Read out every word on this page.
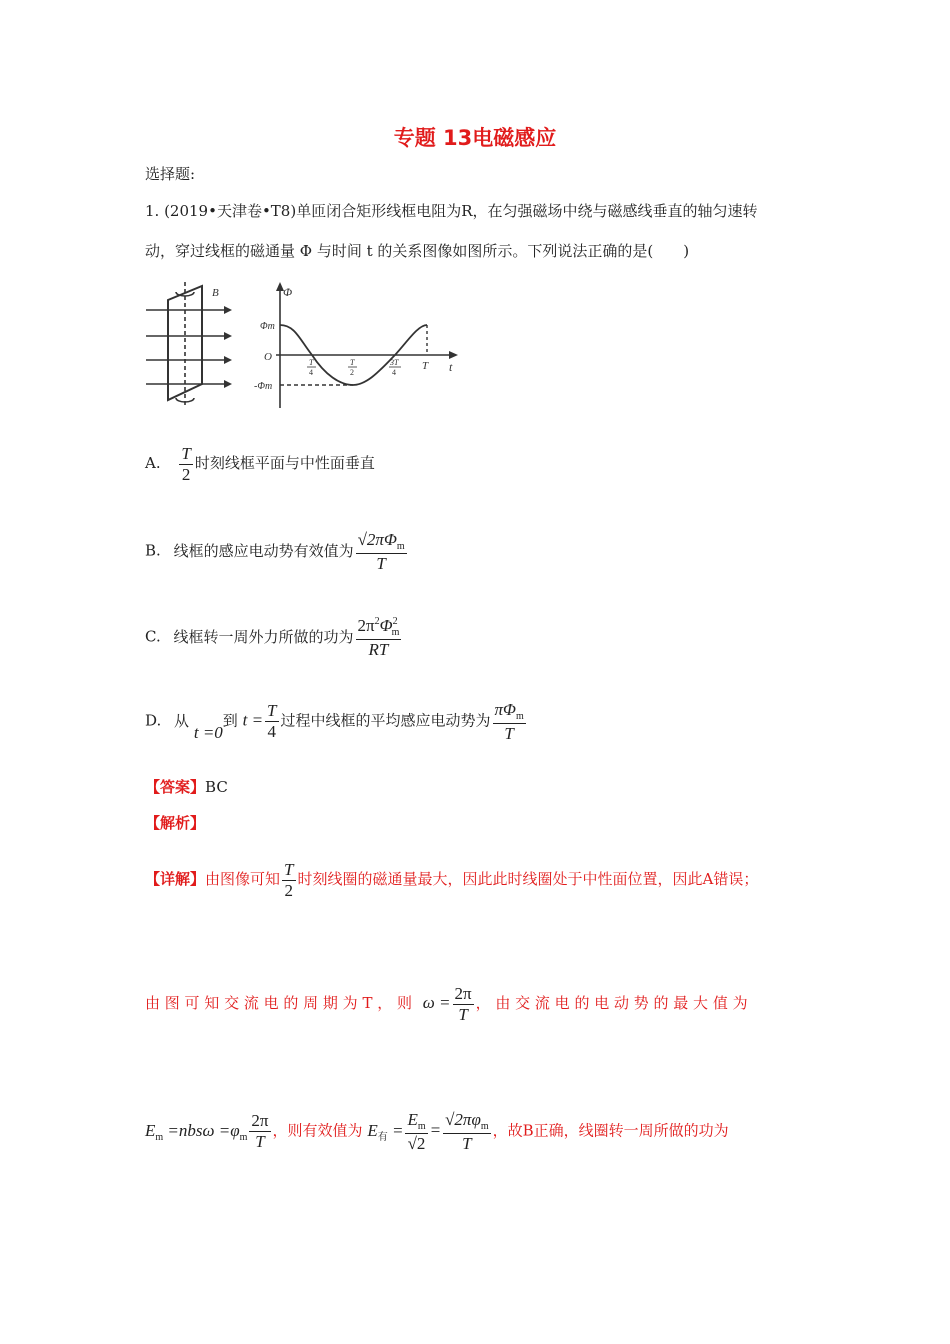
专题 13电磁感应
选择题:
1. (2019•天津卷•T8)单匝闭合矩形线框电阻为R，在匀强磁场中绕与磁感线垂直的轴匀速转
动，穿过线框的磁通量 Φ 与时间 t 的关系图像如图所示。下列说法正确的是(　　)
B	Φ
t
O
Φm
-Φm
T
4
T
2
3T
4
T
A. $\frac{T}{2}$ 时刻线框平面与中性面垂直
B. 线框的感应电动势有效值为 $\frac{√2\pi\Phi_m}{T}$
C. 线框转一周外力所做的功为 $\frac{2\pi^2\Phi^2_m}{RT}$
D. 从 t =0到 $t = \frac{T}{4}$ 过程中线框的平均感应电动势为 $\frac{\pi\Phi_m}{T}$
【答案】BC
【解析】
【详解】由图像可知 $\frac{T}{2}$ 时刻线圈的磁通量最大，因此此时线圈处于中性面位置，因此A错误；
由 图 可 知 交 流 电 的 周 期 为 T ， 则 $\omega = \frac{2\pi}{T}$ ， 由 交 流 电 的 电 动 势 的 最 大 值 为
$E_m =nbs\omega =\varphi_m \frac{2\pi}{T}$ ，则有效值为 $E_有 = \frac{E_m}{√2} = \frac{√2\pi\varphi_m}{T}$ ，故B正确，线圈转一周所做的功为
